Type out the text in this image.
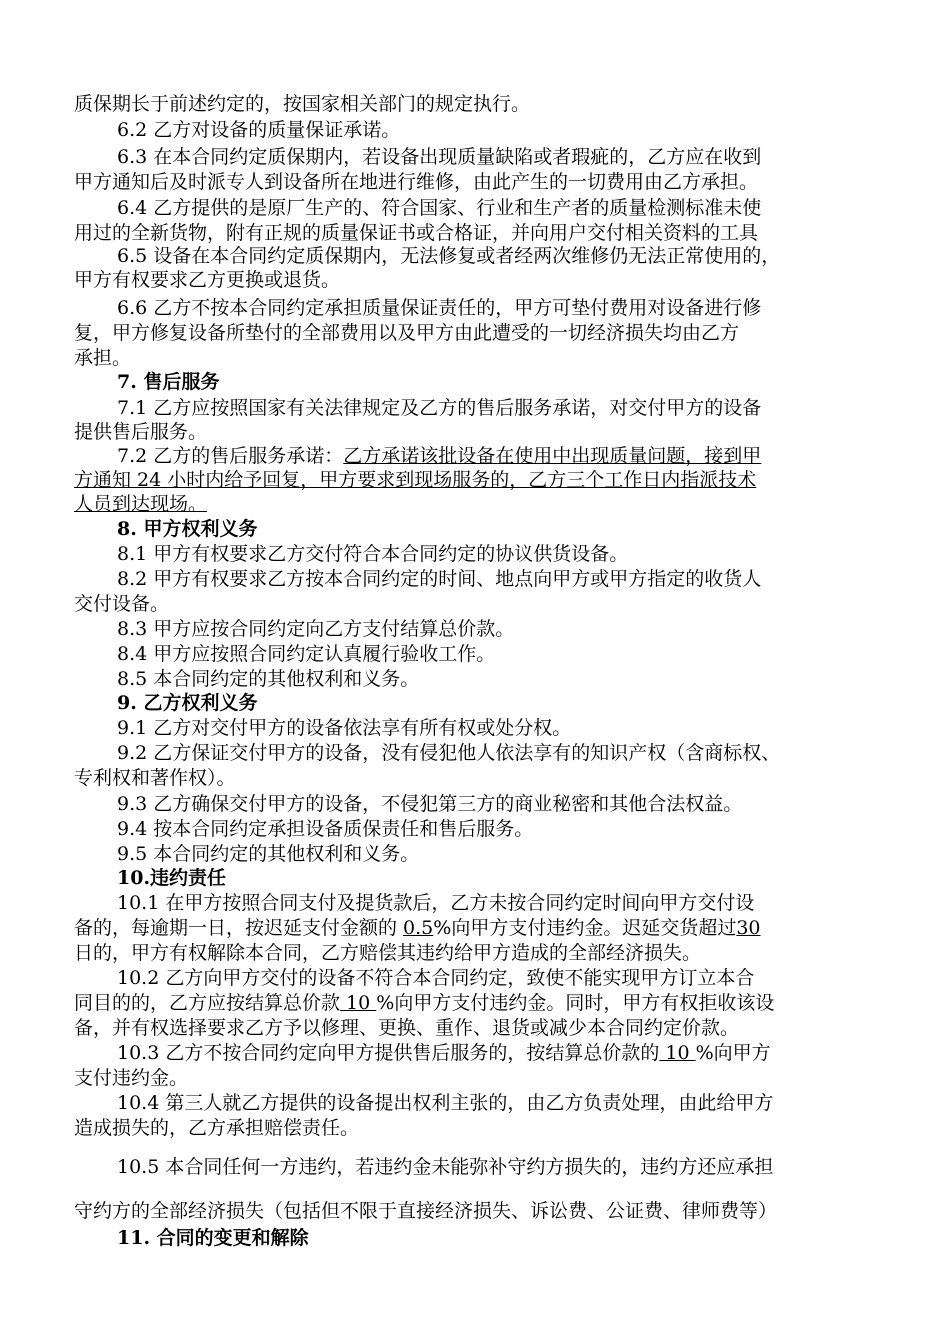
质保期长于前述约定的，按国家相关部门的规定执行。
6.2 乙方对设备的质量保证承诺。
6.3 在本合同约定质保期内，若设备出现质量缺陷或者瑕疵的，乙方应在收到
甲方通知后及时派专人到设备所在地进行维修，由此产生的一切费用由乙方承担。
6.4 乙方提供的是原厂生产的、符合国家、行业和生产者的质量检测标准未使
用过的全新货物，附有正规的质量保证书或合格证，并向用户交付相关资料的工具
6.5 设备在本合同约定质保期内，无法修复或者经两次维修仍无法正常使用的，
甲方有权要求乙方更换或退货。
6.6 乙方不按本合同约定承担质量保证责任的，甲方可垫付费用对设备进行修
复，甲方修复设备所垫付的全部费用以及甲方由此遭受的一切经济损失均由乙方
承担。
7. 售后服务
7.1 乙方应按照国家有关法律规定及乙方的售后服务承诺，对交付甲方的设备
提供售后服务。
7.2 乙方的售后服务承诺：乙方承诺该批设备在使用中出现质量问题，接到甲
方通知 24 小时内给予回复，甲方要求到现场服务的，乙方三个工作日内指派技术
人员到达现场。
8. 甲方权利义务
8.1 甲方有权要求乙方交付符合本合同约定的协议供货设备。
8.2 甲方有权要求乙方按本合同约定的时间、地点向甲方或甲方指定的收货人
交付设备。
8.3 甲方应按合同约定向乙方支付结算总价款。
8.4 甲方应按照合同约定认真履行验收工作。
8.5 本合同约定的其他权利和义务。
9. 乙方权利义务
9.1 乙方对交付甲方的设备依法享有所有权或处分权。
9.2 乙方保证交付甲方的设备，没有侵犯他人依法享有的知识产权（含商标权、
专利权和著作权）。
9.3 乙方确保交付甲方的设备，不侵犯第三方的商业秘密和其他合法权益。
9.4 按本合同约定承担设备质保责任和售后服务。
9.5 本合同约定的其他权利和义务。
10.违约责任
10.1 在甲方按照合同支付及提货款后，乙方未按合同约定时间向甲方交付设
备的，每逾期一日，按迟延支付金额的 0.5%向甲方支付违约金。迟延交货超过30
日的，甲方有权解除本合同，乙方赔偿其违约给甲方造成的全部经济损失。
10.2 乙方向甲方交付的设备不符合本合同约定，致使不能实现甲方订立本合
同目的的，乙方应按结算总价款 10 %向甲方支付违约金。同时，甲方有权拒收该设
备，并有权选择要求乙方予以修理、更换、重作、退货或减少本合同约定价款。
10.3 乙方不按合同约定向甲方提供售后服务的，按结算总价款的 10 %向甲方
支付违约金。
10.4 第三人就乙方提供的设备提出权利主张的，由乙方负责处理，由此给甲方
造成损失的，乙方承担赔偿责任。
10.5 本合同任何一方违约，若违约金未能弥补守约方损失的，违约方还应承担
守约方的全部经济损失（包括但不限于直接经济损失、诉讼费、公证费、律师费等）
11. 合同的变更和解除
